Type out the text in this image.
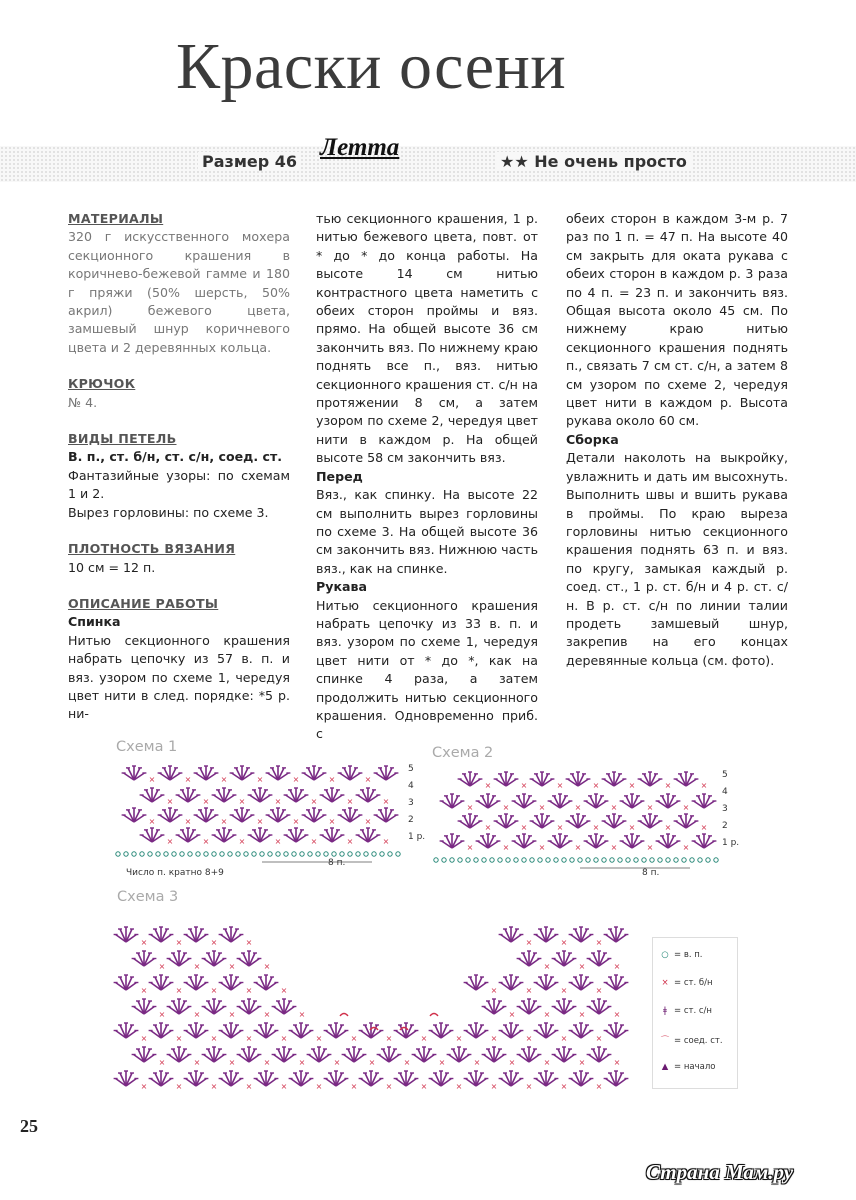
Краски осени
Размер 46	★★ Не очень просто
Летта

МАТЕРИАЛЫ

320 г искусственного мохера секционного крашения в коричнево-бежевой гамме и 180 г пряжи (50% шерсть, 50% акрил) бежевого цвета, замшевый шнур коричневого цвета и 2 деревянных кольца.

КРЮЧОК

№ 4.

ВИДЫ ПЕТЕЛЬ

В. п., ст. б/н, ст. с/н, соед. ст.

Фантазийные узоры: по схемам 1 и 2.

Вырез горловины: по схеме 3.

ПЛОТНОСТЬ ВЯЗАНИЯ

10 см = 12 п.

ОПИСАНИЕ РАБОТЫ

Спинка

Нитью секционного крашения набрать цепочку из 57 в. п. и вяз. узором по схеме 1, чередуя цвет нити в след. порядке: *5 р. ни-

тью секционного крашения, 1 р. нитью бежевого цвета, повт. от * до * до конца работы. На высоте 14 см нитью контрастного цвета наметить с обеих сторон проймы и вяз. прямо. На общей высоте 36 см закончить вяз. По нижнему краю поднять все п., вяз. нитью секционного крашения ст. с/н на протяжении 8 см, а затем узором по схеме 2, чередуя цвет нити в каждом р. На общей высоте 58 см закончить вяз.

Перед

Вяз., как спинку. На высоте 22 см выполнить вырез горловины по схеме 3. На общей высоте 36 см закончить вяз. Нижнюю часть вяз., как на спинке.

Рукава

Нитью секционного крашения набрать цепочку из 33 в. п. и вяз. узором по схеме 1, чередуя цвет нити от * до *, как на спинке 4 раза, а затем продолжить нитью секционного крашения. Одновременно приб. с

обеих сторон в каждом 3-м р. 7 раз по 1 п. = 47 п. На высоте 40 см закрыть для оката рукава с обеих сторон в каждом р. 3 раза по 4 п. = 23 п. и закончить вяз. Общая высота около 45 см. По нижнему краю нитью секционного крашения поднять п., связать 7 см ст. с/н, а затем 8 см узором по схеме 2, чередуя цвет нити в каждом р. Высота рукава около 60 см.

Сборка

Детали наколоть на выкройку, увлажнить и дать им высохнуть. Выполнить швы и вшить рукава в проймы. По краю выреза горловины нитью секционного крашения поднять 63 п. и вяз. по кругу, замыкая каждый р. соед. ст., 1 р. ст. б/н и 4 р. ст. с/н. В р. ст. с/н по линии талии продеть замшевый шнур, закрепив на его концах деревянные кольца (см. фото).

Схема 1
×	×	×	×	×	×	×
×	×	×	×	×	×	×
×	×	×	×	×	×	×
×	×	×	×	×	×	×
Число п. кратно 8+9
8 п.
Схема 2
×	×	×	×	×	×	×
×	×	×	×	×	×	×
×	×	×	×	×	×	×
×	×	×	×	×	×	×
8 п.
Схема 3
×	×	×	×	×	×	×	×	×	×	×	×	×	×
×	×	×	×	×	×	×	×	×	×	×	×	×	×
×	×	×	×	×	×	×	×	×	×	×	×	×	×
×	×	×	×	×	×	×	×	×
×	×	×	×	×	×	×	×	×
×	×	×	×	×	×	×
×	×	×	×	×	×	×
○ = в. п.
× = ст. б/н
ǂ = ст. с/н
⌒ = соед. ст.
▲ = начало
25
Страна Мам.ру
5
4
3
2
1 р.
5
4
3
2
1 р.
